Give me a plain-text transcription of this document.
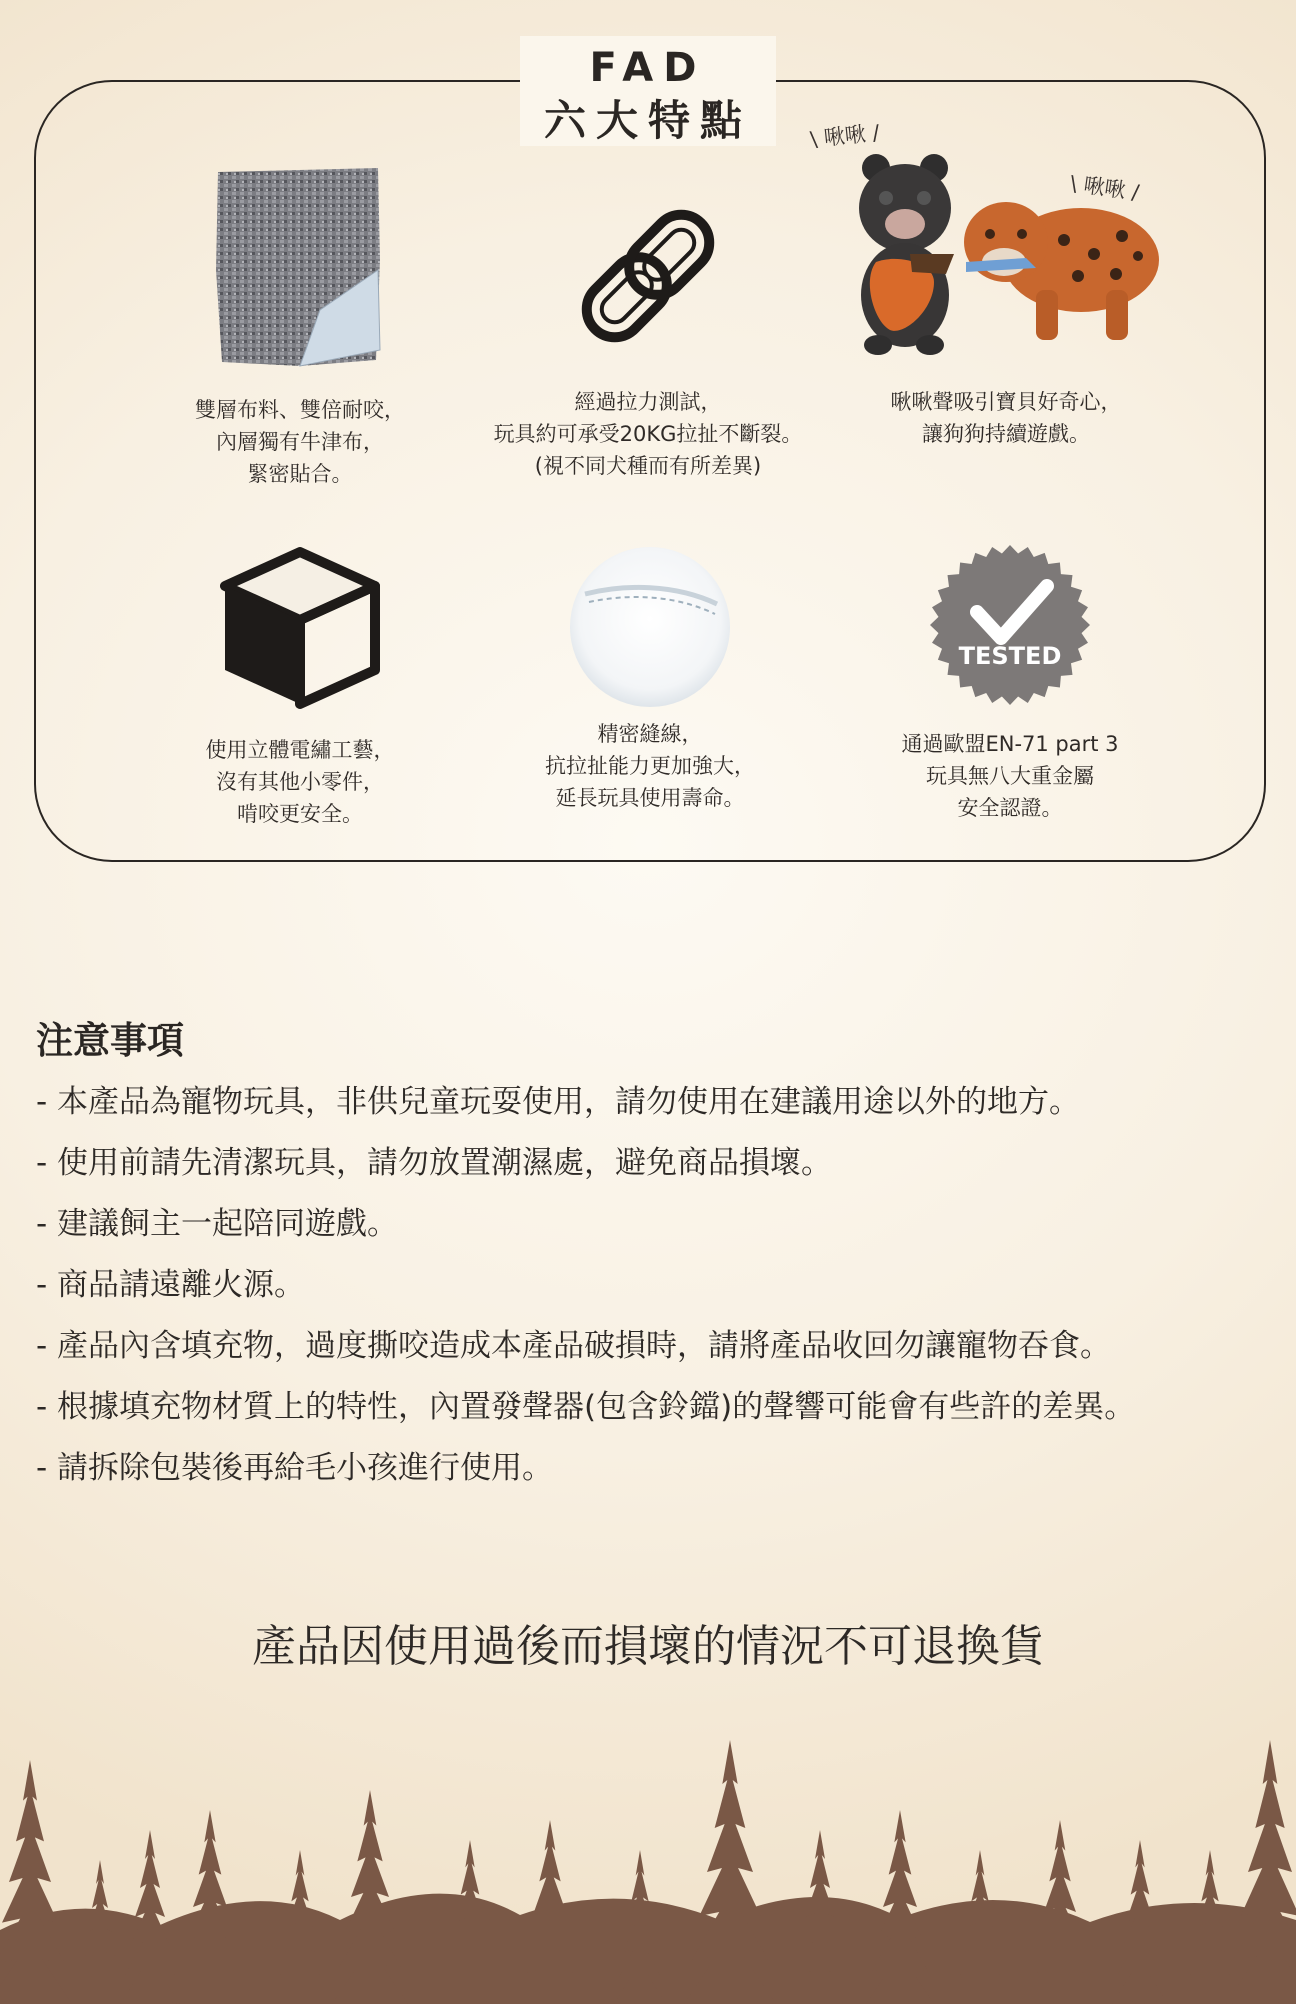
FAD
六大特點
雙層布料、雙倍耐咬，
內層獨有牛津布，
緊密貼合。
經過拉力測試，
玩具約可承受20KG拉扯不斷裂。
(視不同犬種而有所差異)
啾啾聲吸引寶貝好奇心，
讓狗狗持續遊戲。
\ 啾啾 /
\ 啾啾 /
使用立體電繡工藝，
沒有其他小零件，
啃咬更安全。
精密縫線，
抗拉扯能力更加強大，
延長玩具使用壽命。
TESTED
通過歐盟EN-71 part 3
玩具無八大重金屬
安全認證。
注意事項
- 本產品為寵物玩具，非供兒童玩耍使用，請勿使用在建議用途以外的地方。
- 使用前請先清潔玩具，請勿放置潮濕處，避免商品損壞。
- 建議飼主一起陪同遊戲。
- 商品請遠離火源。
- 產品內含填充物，過度撕咬造成本產品破損時，請將產品收回勿讓寵物吞食。
- 根據填充物材質上的特性，內置發聲器(包含鈴鐺)的聲響可能會有些許的差異。
- 請拆除包裝後再給毛小孩進行使用。
產品因使用過後而損壞的情況不可退換貨
